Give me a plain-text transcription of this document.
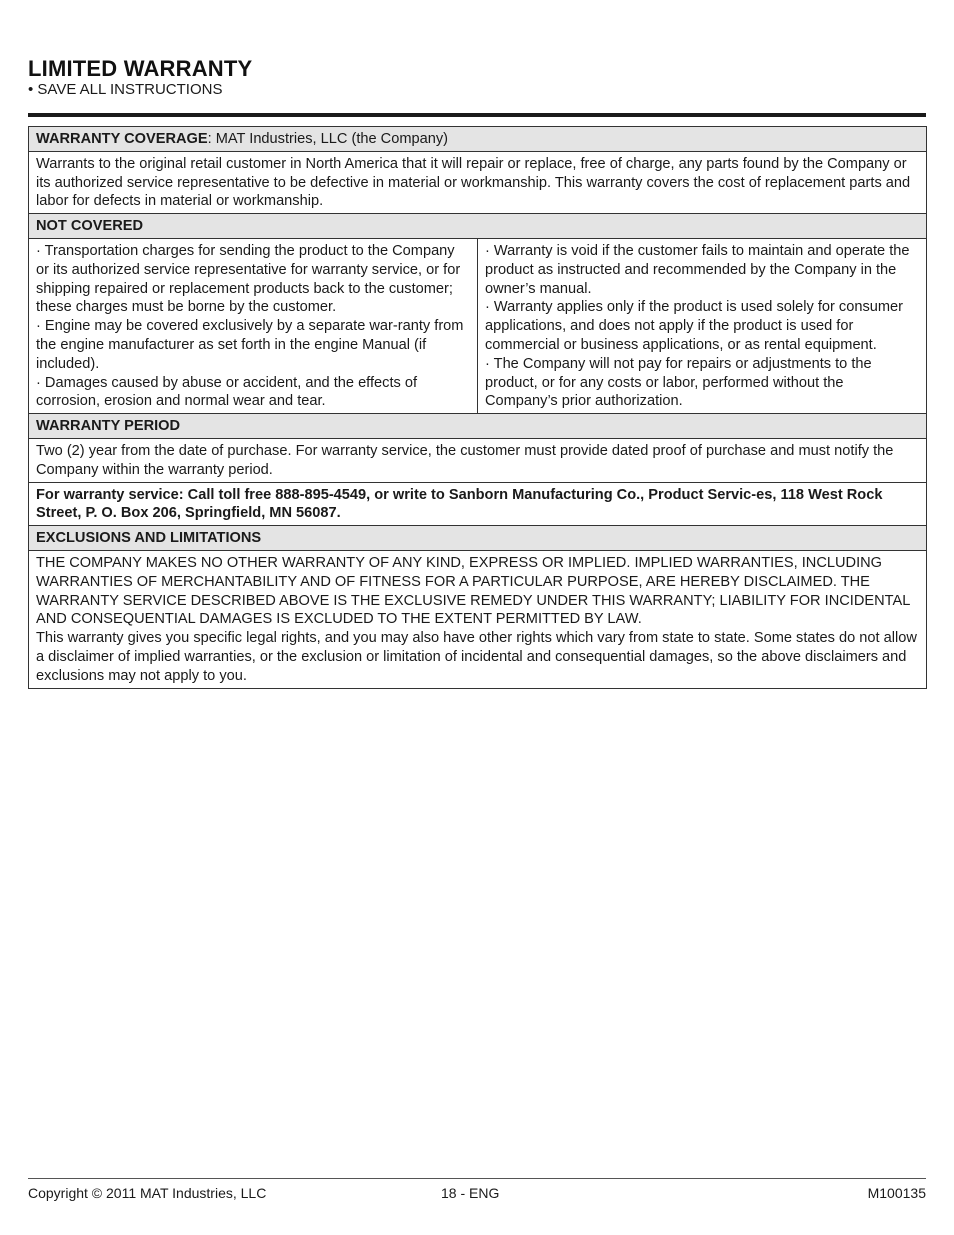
LIMITED WARRANTY
• SAVE ALL INSTRUCTIONS
WARRANTY COVERAGE: MAT Industries, LLC (the Company)
Warrants to the original retail customer in North America that it will repair or replace, free of charge, any parts found by the Company or its authorized service representative to be defective in material or workmanship. This warranty covers the cost of replacement parts and labor for defects in material or workmanship.
NOT COVERED

· Transportation charges for sending the product to the Company or its authorized service representative for warranty service, or for shipping repaired or replacement products back to the customer; these charges must be borne by the customer.
· Engine may be covered exclusively by a separate war-ranty from the engine manufacturer as set forth in the engine Manual (if included).
· Damages caused by abuse or accident, and the effects of corrosion, erosion and normal wear and tear.

· Warranty is void if the customer fails to maintain and operate the product as instructed and recommended by the Company in the owner’s manual.
· Warranty applies only if the product is used solely for consumer applications, and does not apply if the product is used for commercial or business applications, or as rental equipment.
· The Company will not pay for repairs or adjustments to the product, or for any costs or labor, performed without the Company’s prior authorization.

WARRANTY PERIOD
Two (2) year from the date of purchase. For warranty service, the customer must provide dated proof of purchase and must notify the Company within the warranty period.
For warranty service: Call toll free 888-895-4549, or write to Sanborn Manufacturing Co., Product Servic-es, 118 West Rock Street, P. O. Box 206, Springfield, MN 56087.
EXCLUSIONS AND LIMITATIONS

THE COMPANY MAKES NO OTHER WARRANTY OF ANY KIND, EXPRESS OR IMPLIED. IMPLIED WARRANTIES, INCLUDING WARRANTIES OF MERCHANTABILITY AND OF FITNESS FOR A PARTICULAR PURPOSE, ARE HEREBY DISCLAIMED. THE WARRANTY SERVICE DESCRIBED ABOVE IS THE EXCLUSIVE REMEDY UNDER THIS WARRANTY; LIABILITY FOR INCIDENTAL AND CONSEQUENTIAL DAMAGES IS EXCLUDED TO THE EXTENT PERMITTED BY LAW.
This warranty gives you specific legal rights, and you may also have other rights which vary from state to state. Some states do not allow a disclaimer of implied warranties, or the exclusion or limitation of incidental and consequential damages, so the above disclaimers and exclusions may not apply to you.
Copyright © 2011 MAT Industries, LLC	18 - ENG	M100135
